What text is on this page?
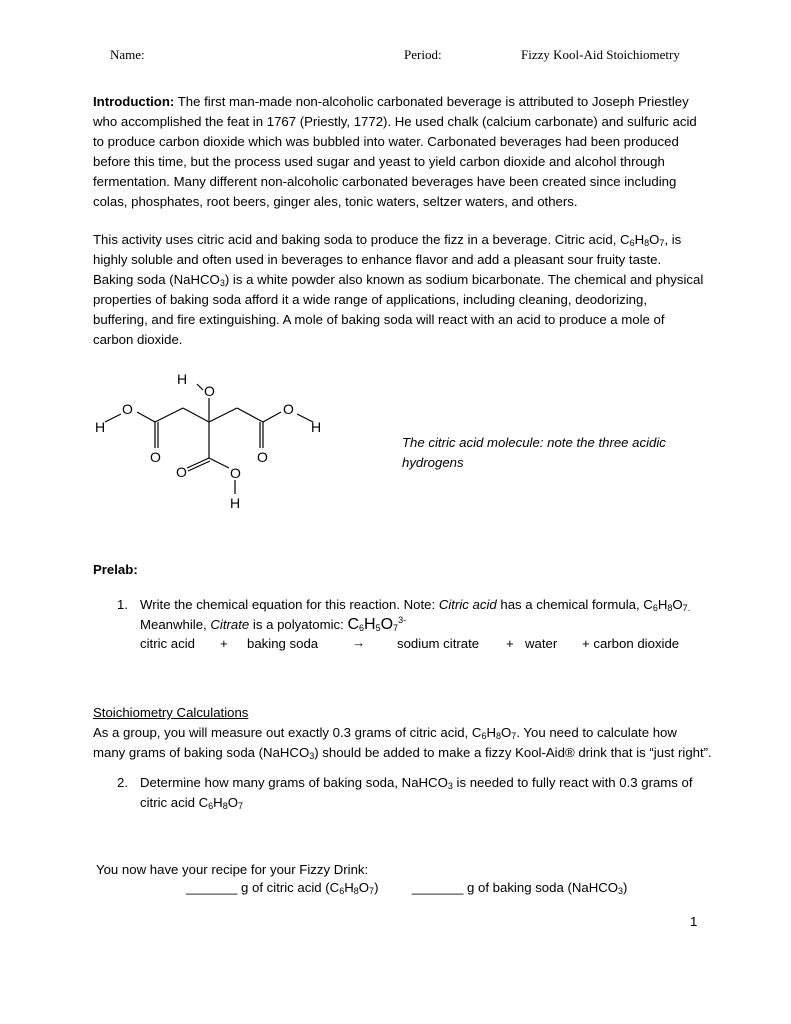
Name:	Period:	Fizzy Kool-Aid Stoichiometry
Introduction: The first man-made non-alcoholic carbonated beverage is attributed to Joseph Priestley
who accomplished the feat in 1767 (Priestly, 1772). He used chalk (calcium carbonate) and sulfuric acid
to produce carbon dioxide which was bubbled into water. Carbonated beverages had been produced
before this time, but the process used sugar and yeast to yield carbon dioxide and alcohol through
fermentation. Many different non-alcoholic carbonated beverages have been created since including
colas, phosphates, root beers, ginger ales, tonic waters, seltzer waters, and others.
This activity uses citric acid and baking soda to produce the fizz in a beverage. Citric acid, $C_6H_8O_7$, is
highly soluble and often used in beverages to enhance flavor and add a pleasant sour fruity taste.
Baking soda (NaHCO$_3$) is a white powder also known as sodium bicarbonate. The chemical and physical
properties of baking soda afford it a wide range of applications, including cleaning, deodorizing,
buffering, and fire extinguishing. A mole of baking soda will react with an acid to produce a mole of
carbon dioxide.
H
O
O
H
O
O
H
O
O	O
H
The citric acid molecule: note the three acidic
hydrogens
Prelab:
1. Write the chemical equation for this reaction. Note: Citric acid has a chemical formula, $C_6H_8O_{7.}$
Meanwhile, Citrate is a polyatomic: $C_6H_5O_7^{3-}$
citric acid + baking soda	→ sodium citrate + water + carbon dioxide
Stoichiometry Calculations
As a group, you will measure out exactly 0.3 grams of citric acid, $C_6H_8O_7$. You need to calculate how
many grams of baking soda (NaHCO$_3$) should be added to make a fizzy Kool-Aid® drink that is “just right”.
2. Determine how many grams of baking soda, NaHCO$_3$ is needed to fully react with 0.3 grams of
citric acid $C_6H_8O_7$
You now have your recipe for your Fizzy Drink:
_______ g of citric acid $(C_6H_8O_7)$	_______ g of baking soda (NaHCO$_3$)
1
